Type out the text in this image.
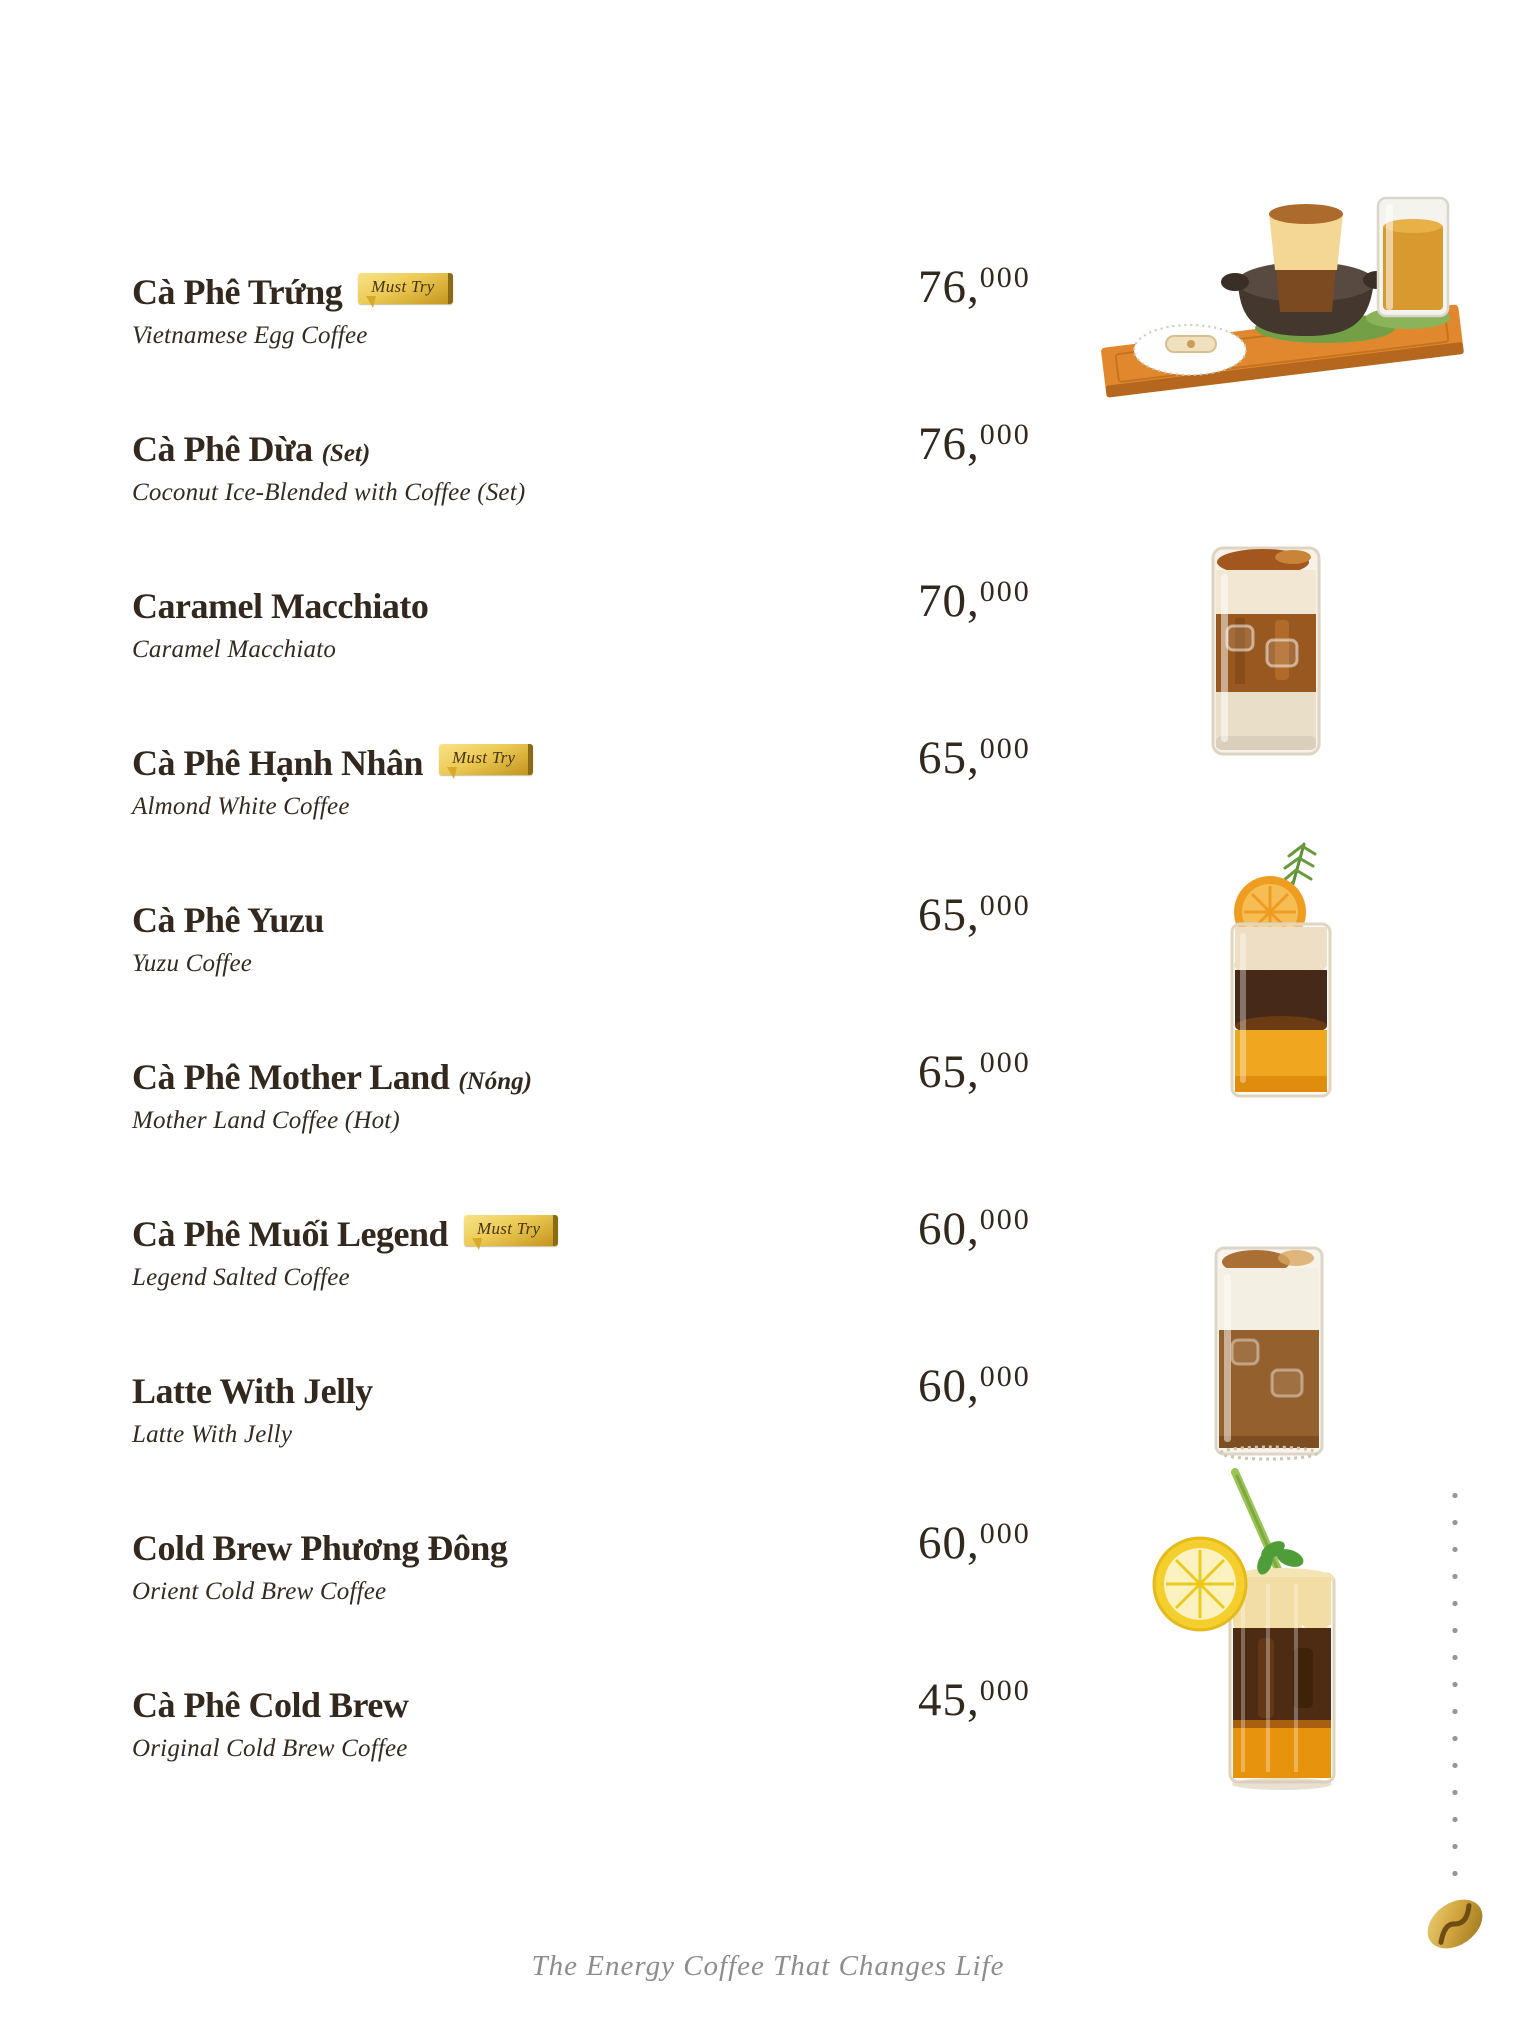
Cà Phê Trứng Must Try
Vietnamese Egg Coffee
76,$^{000}$
Cà Phê Dừa (Set)
Coconut Ice-Blended with Coffee (Set)
76,$^{000}$
Caramel Macchiato
Caramel Macchiato
70,$^{000}$
Cà Phê Hạnh Nhân Must Try
Almond White Coffee
65,$^{000}$
Cà Phê Yuzu
Yuzu Coffee
65,$^{000}$
Cà Phê Mother Land (Nóng)
Mother Land Coffee (Hot)
65,$^{000}$
Cà Phê Muối Legend Must Try
Legend Salted Coffee
60,$^{000}$
Latte With Jelly
Latte With Jelly
60,$^{000}$
Cold Brew Phương Đông
Orient Cold Brew Coffee
60,$^{000}$
Cà Phê Cold Brew
Original Cold Brew Coffee
45,$^{000}$
The Energy Coffee That Changes Life
